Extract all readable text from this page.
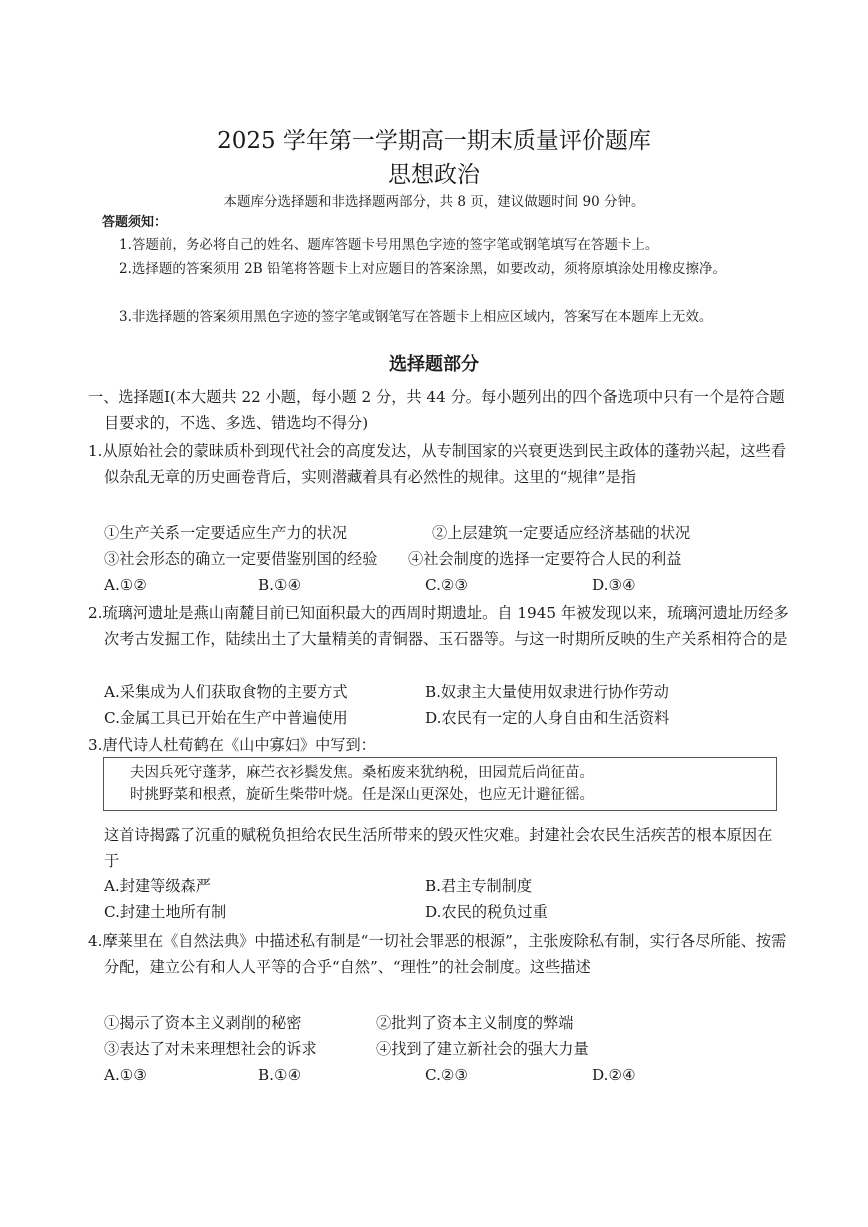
2025 学年第一学期高一期末质量评价题库
思想政治
本题库分选择题和非选择题两部分，共 8 页，建议做题时间 90 分钟。
答题须知：
1.答题前，务必将自己的姓名、题库答题卡号用黑色字迹的签字笔或钢笔填写在答题卡上。
2.选择题的答案须用 2B 铅笔将答题卡上对应题目的答案涂黑，如要改动，须将原填涂处用橡皮擦净。
3.非选择题的答案须用黑色字迹的签字笔或钢笔写在答题卡上相应区域内，答案写在本题库上无效。
选择题部分
一、选择题Ⅰ(本大题共 22 小题，每小题 2 分，共 44 分。每小题列出的四个备选项中只有一个是符合题目要求的，不选、多选、错选均不得分)
1.从原始社会的蒙昧质朴到现代社会的高度发达，从专制国家的兴衰更迭到民主政体的蓬勃兴起，这些看似杂乱无章的历史画卷背后，实则潜藏着具有必然性的规律。这里的“规律”是指
①生产关系一定要适应生产力的状况	②上层建筑一定要适应经济基础的状况
③社会形态的确立一定要借鉴别国的经验 ④社会制度的选择一定要符合人民的利益
A.①②	B.①④	C.②③	D.③④
2.琉璃河遗址是燕山南麓目前已知面积最大的西周时期遗址。自 1945 年被发现以来，琉璃河遗址历经多次考古发掘工作，陆续出土了大量精美的青铜器、玉石器等。与这一时期所反映的生产关系相符合的是
A.采集成为人们获取食物的主要方式	B.奴隶主大量使用奴隶进行协作劳动
C.金属工具已开始在生产中普遍使用	D.农民有一定的人身自由和生活资料
3.唐代诗人杜荀鹤在《山中寡妇》中写到：
夫因兵死守蓬茅，麻苎衣衫鬓发焦。桑柘废来犹纳税，田园荒后尚征苗。
时挑野菜和根煮，旋斫生柴带叶烧。任是深山更深处，也应无计避征徭。
这首诗揭露了沉重的赋税负担给农民生活所带来的毁灭性灾难。封建社会农民生活疾苦的根本原因在于
A.封建等级森严	B.君主专制制度
C.封建土地所有制	D.农民的税负过重
4.摩莱里在《自然法典》中描述私有制是“一切社会罪恶的根源”，主张废除私有制，实行各尽所能、按需分配，建立公有和人人平等的合乎“自然”、“理性”的社会制度。这些描述
①揭示了资本主义剥削的秘密	②批判了资本主义制度的弊端
③表达了对未来理想社会的诉求	④找到了建立新社会的强大力量
A.①③	B.①④	C.②③	D.②④
